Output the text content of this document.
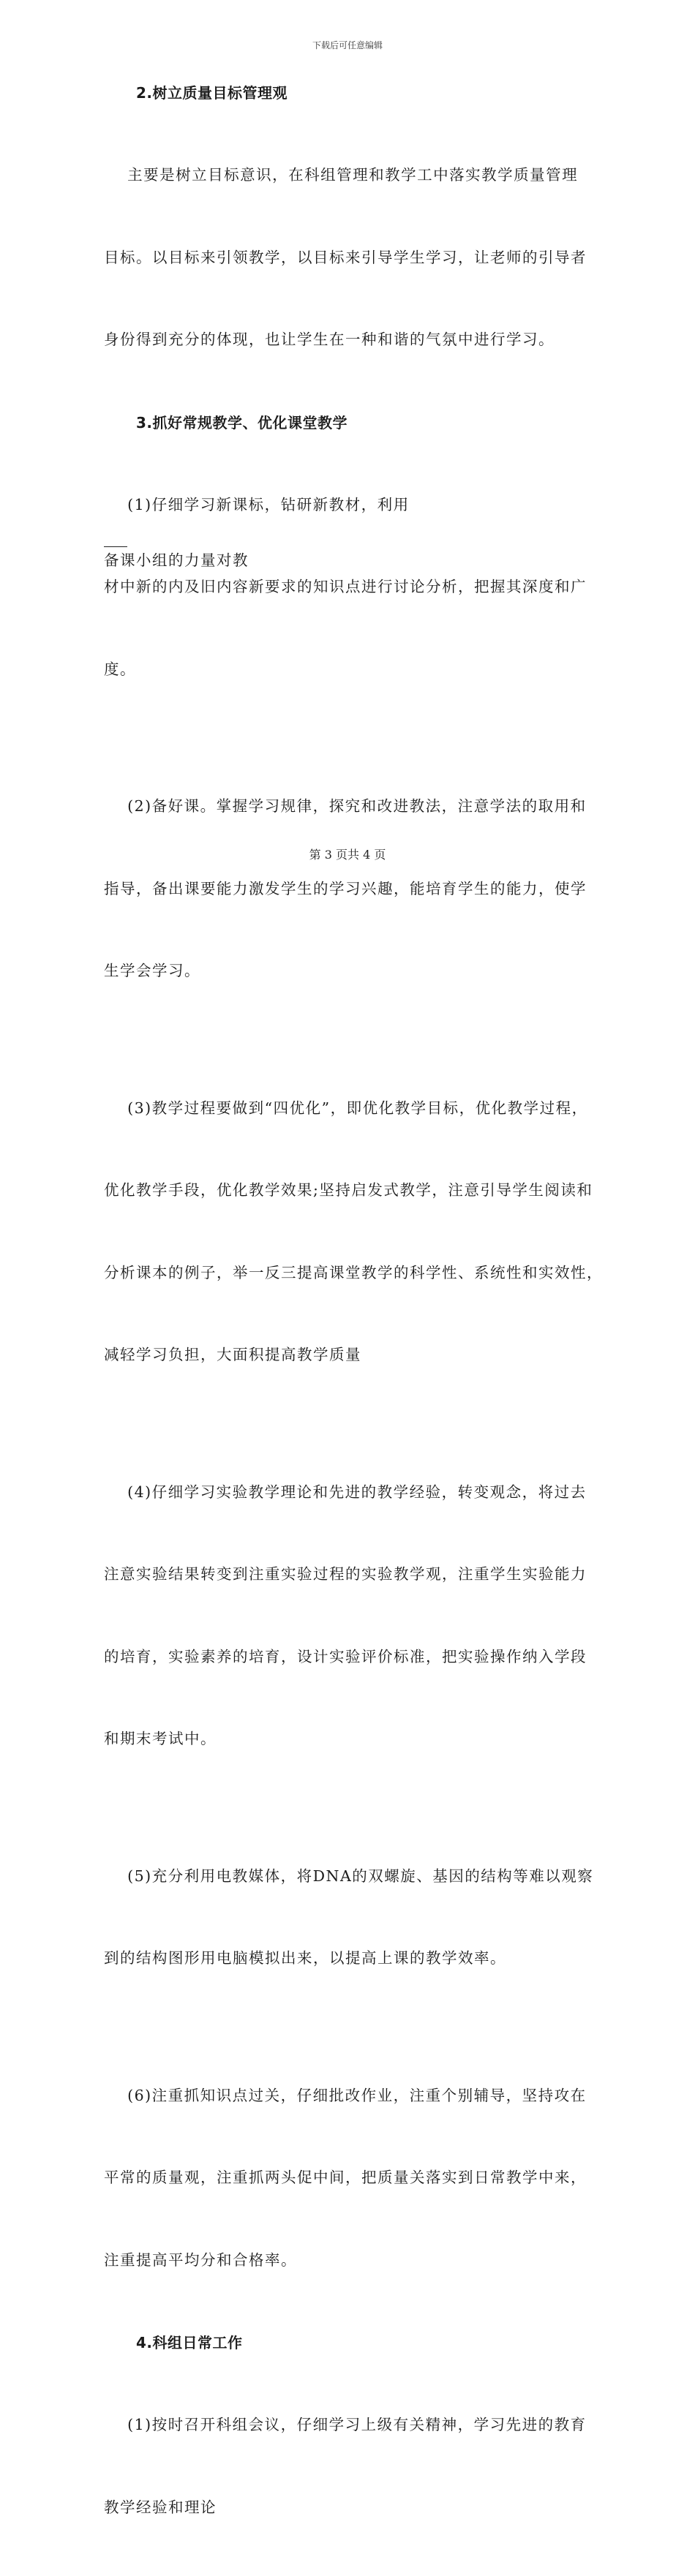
下载后可任意编辑
2.树立质量目标管理观

主要是树立目标意识，在科组管理和教学工中落实教学质量管理

目标。以目标来引领教学，以目标来引导学生学习，让老师的引导者

身份得到充分的体现，也让学生在一种和谐的气氛中进行学习。

3.抓好常规教学、优化课堂教学

(1)仔细学习新课标，钻研新教材，利用
备课小组的力量对教

材中新的内及旧内容新要求的知识点进行讨论分析，把握其深度和广

度。

(2)备好课。掌握学习规律，探究和改进教法，注意学法的取用和

指导，备出课要能力激发学生的学习兴趣，能培育学生的能力，使学

生学会学习。

(3)教学过程要做到“四优化”，即优化教学目标，优化教学过程，

优化教学手段，优化教学效果;坚持启发式教学，注意引导学生阅读和

分析课本的例子，举一反三提高课堂教学的科学性、系统性和实效性，

减轻学习负担，大面积提高教学质量

(4)仔细学习实验教学理论和先进的教学经验，转变观念，将过去

注意实验结果转变到注重实验过程的实验教学观，注重学生实验能力

的培育，实验素养的培育，设计实验评价标准，把实验操作纳入学段

和期末考试中。

(5)充分利用电教媒体，将DNA的双螺旋、基因的结构等难以观察

到的结构图形用电脑模拟出来，以提高上课的教学效率。

(6)注重抓知识点过关，仔细批改作业，注重个别辅导，坚持攻在

平常的质量观，注重抓两头促中间，把质量关落实到日常教学中来，

注重提高平均分和合格率。

4.科组日常工作

(1)按时召开科组会议，仔细学习上级有关精神，学习先进的教育

教学经验和理论

第 3 页共 4 页
